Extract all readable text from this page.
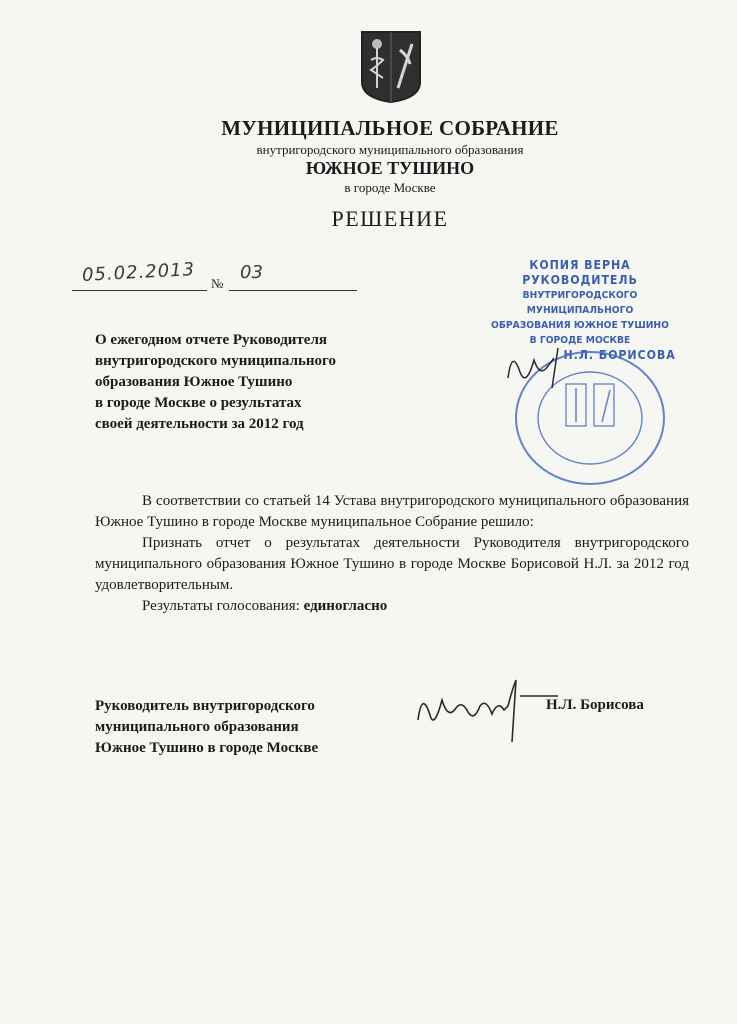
МУНИЦИПАЛЬНОЕ СОБРАНИЕ
внутригородского муниципального образования
ЮЖНОЕ ТУШИНО
в городе Москве
РЕШЕНИЕ
05.02.2013 №
03
О ежегодном отчете Руководителя
внутригородского муниципального
образования Южное Тушино
в городе Москве о результатах
своей деятельности за 2012 год

В соответствии со статьей 14 Устава внутригородского муниципального образования Южное Тушино в городе Москве муниципальное Собрание решило:

Признать отчет о результатах деятельности Руководителя внутригородского муниципального образования Южное Тушино в городе Москве Борисовой Н.Л. за 2012 год удовлетворительным.

Результаты голосования: единогласно

Руководитель внутригородского
муниципального образования
Южное Тушино в городе Москве
Н.Л. Борисова
КОПИЯ ВЕРНА
РУКОВОДИТЕЛЬ
ВНУТРИГОРОДСКОГО МУНИЦИПАЛЬНОГО
ОБРАЗОВАНИЯ ЮЖНОЕ ТУШИНО
В ГОРОДЕ МОСКВЕ
Н.Л. БОРИСОВА
